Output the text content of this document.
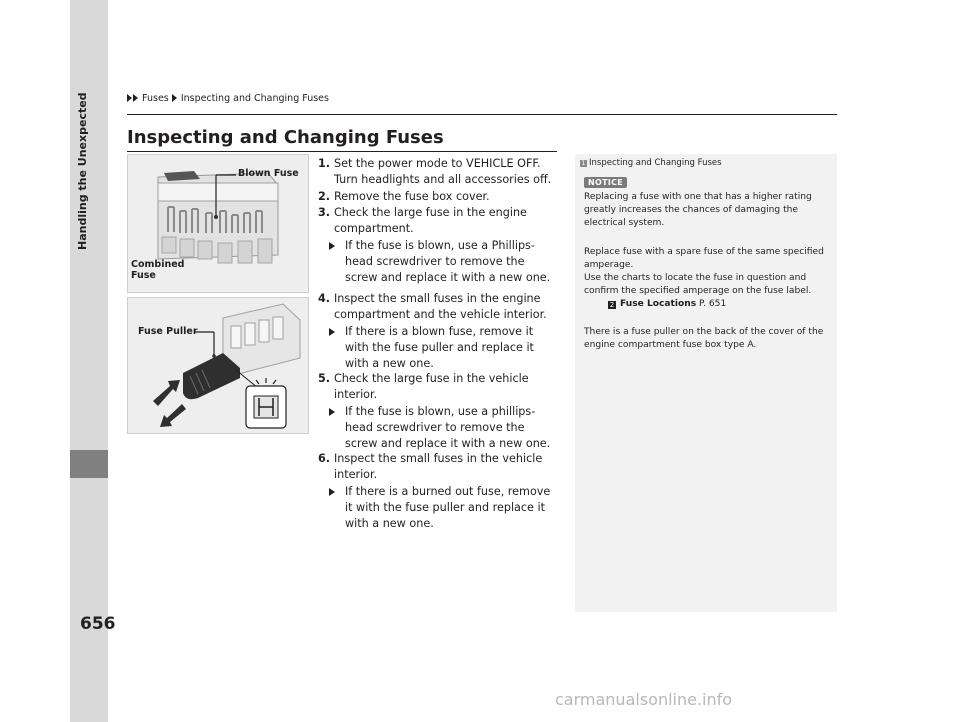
Handling the Unexpected
656
Fuses Inspecting and Changing Fuses
Inspecting and Changing Fuses
Blown Fuse
Combined
Fuse
Fuse Puller
1. Set the power mode to VEHICLE OFF. Turn headlights and all accessories off.
2. Remove the fuse box cover.
3. Check the large fuse in the engine compartment.
If the fuse is blown, use a Phillips-head screwdriver to remove the screw and replace it with a new one.
4. Inspect the small fuses in the engine compartment and the vehicle interior.
If there is a blown fuse, remove it with the fuse puller and replace it with a new one.
5. Check the large fuse in the vehicle interior.
If the fuse is blown, use a phillips-head screwdriver to remove the screw and replace it with a new one.
6. Inspect the small fuses in the vehicle interior.
If there is a burned out fuse, remove it with the fuse puller and replace it with a new one.
1 Inspecting and Changing Fuses
NOTICE
Replacing a fuse with one that has a higher rating greatly increases the chances of damaging the electrical system.
Replace fuse with a spare fuse of the same specified amperage.
Use the charts to locate the fuse in question and confirm the specified amperage on the fuse label.
2 Fuse Locations P. 651
There is a fuse puller on the back of the cover of the engine compartment fuse box type A.
carmanualsonline.info
